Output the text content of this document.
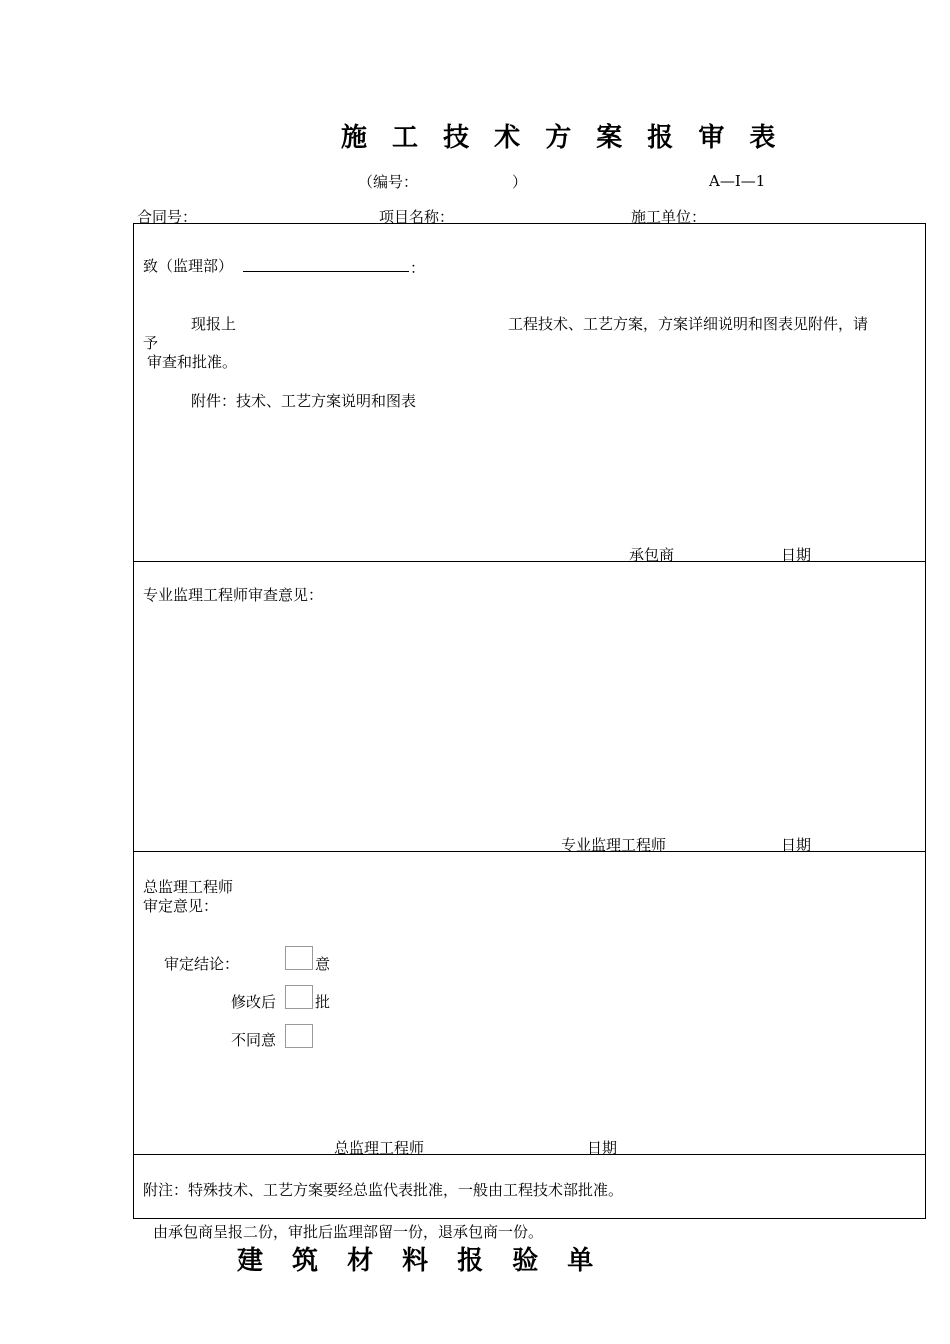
施 工 技 术 方 案 报 审 表
（编号：	）	A—I—1
合同号：	项目名称：	施工单位：
致（监理部）	：
现报上	工程技术、工艺方案，方案详细说明和图表见附件，请
予
审查和批准。
附件：技术、工艺方案说明和图表
承包商	日期
专业监理工程师审查意见：
专业监理工程师	日期
总监理工程师
审定意见：
审定结论：	意
修改后	批
不同意
总监理工程师	日期
附注：特殊技术、工艺方案要经总监代表批准，一般由工程技术部批准。
由承包商呈报二份，审批后监理部留一份，退承包商一份。
建 筑 材 料 报 验 单
